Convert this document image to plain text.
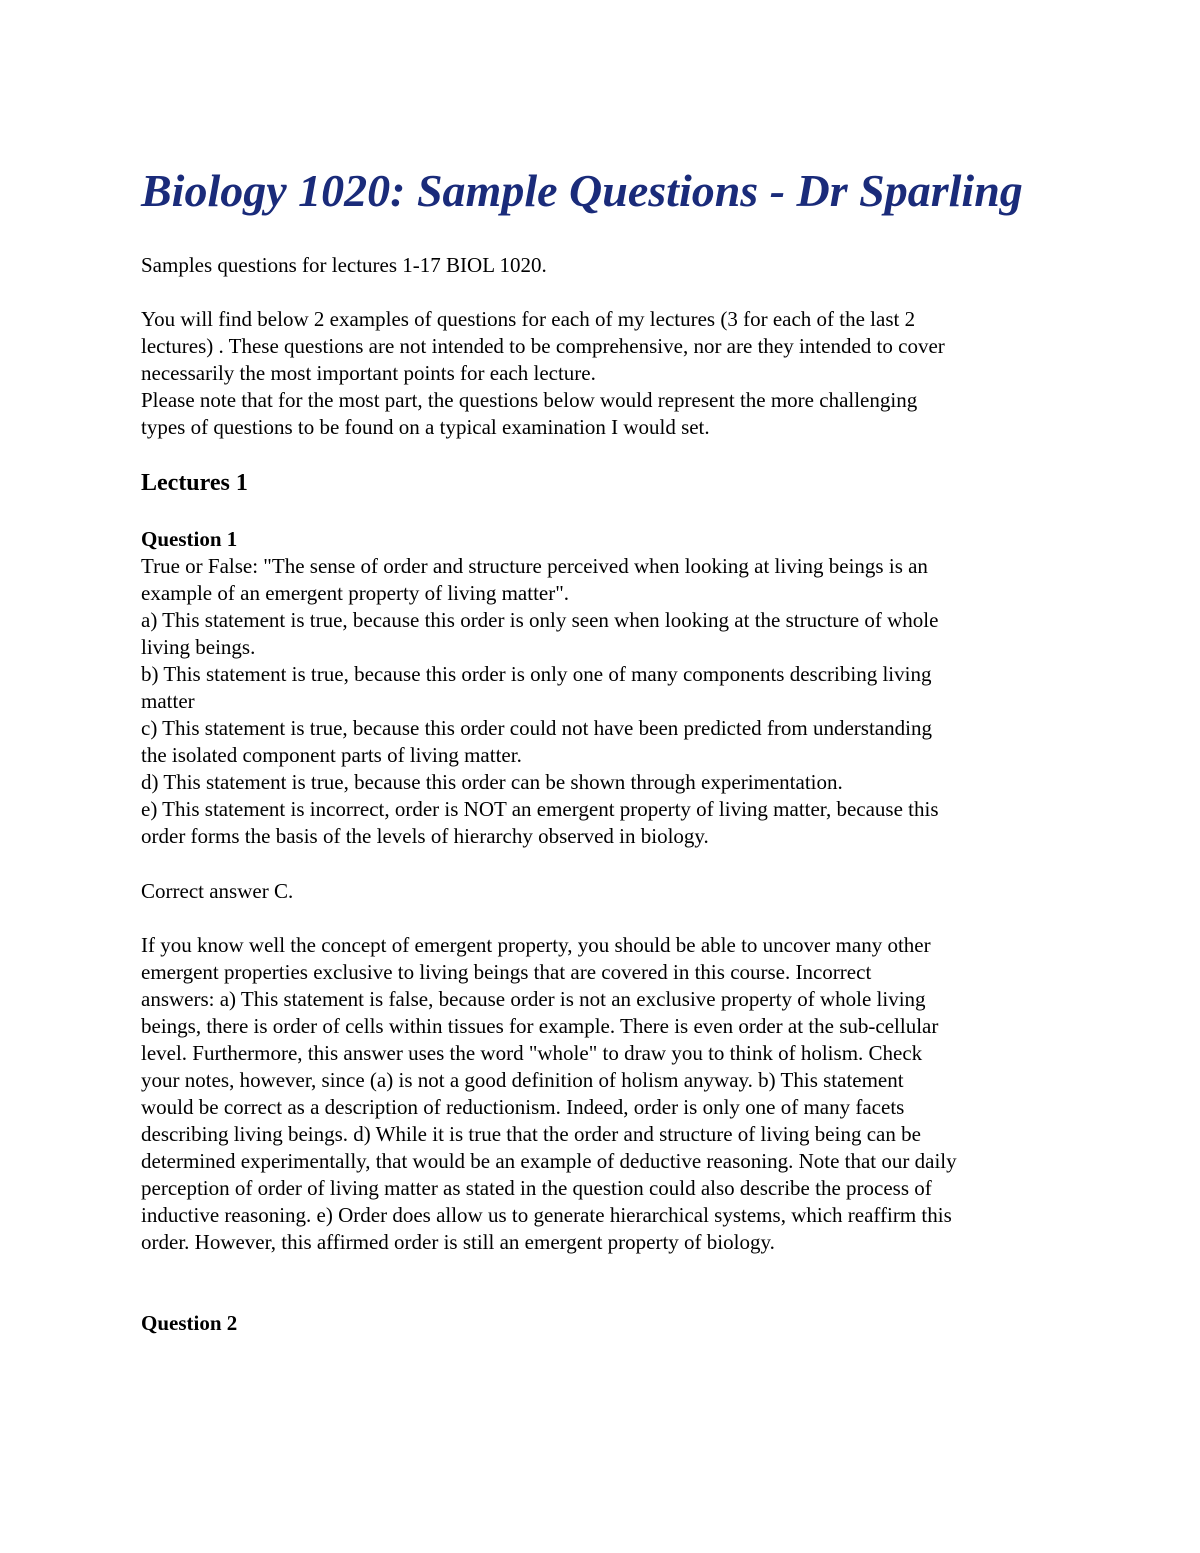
Biology 1020: Sample Questions - Dr Sparling

Samples questions for lectures 1-17 BIOL 1020.

You will find below 2 examples of questions for each of my lectures (3 for each of the last 2
lectures) . These questions are not intended to be comprehensive, nor are they intended to cover
necessarily the most important points for each lecture.
Please note that for the most part, the questions below would represent the more challenging
types of questions to be found on a typical examination I would set.
Lectures 1

Question 1

True or False: "The sense of order and structure perceived when looking at living beings is an
example of an emergent property of living matter".
a) This statement is true, because this order is only seen when looking at the structure of whole
living beings.
b) This statement is true, because this order is only one of many components describing living
matter
c) This statement is true, because this order could not have been predicted from understanding
the isolated component parts of living matter.
d) This statement is true, because this order can be shown through experimentation.
e) This statement is incorrect, order is NOT an emergent property of living matter, because this
order forms the basis of the levels of hierarchy observed in biology.

Correct answer C.

If you know well the concept of emergent property, you should be able to uncover many other
emergent properties exclusive to living beings that are covered in this course. Incorrect
answers: a) This statement is false, because order is not an exclusive property of whole living
beings, there is order of cells within tissues for example. There is even order at the sub-cellular
level. Furthermore, this answer uses the word "whole" to draw you to think of holism. Check
your notes, however, since (a) is not a good definition of holism anyway. b) This statement
would be correct as a description of reductionism. Indeed, order is only one of many facets
describing living beings. d) While it is true that the order and structure of living being can be
determined experimentally, that would be an example of deductive reasoning. Note that our daily
perception of order of living matter as stated in the question could also describe the process of
inductive reasoning. e) Order does allow us to generate hierarchical systems, which reaffirm this
order. However, this affirmed order is still an emergent property of biology.

Question 2
